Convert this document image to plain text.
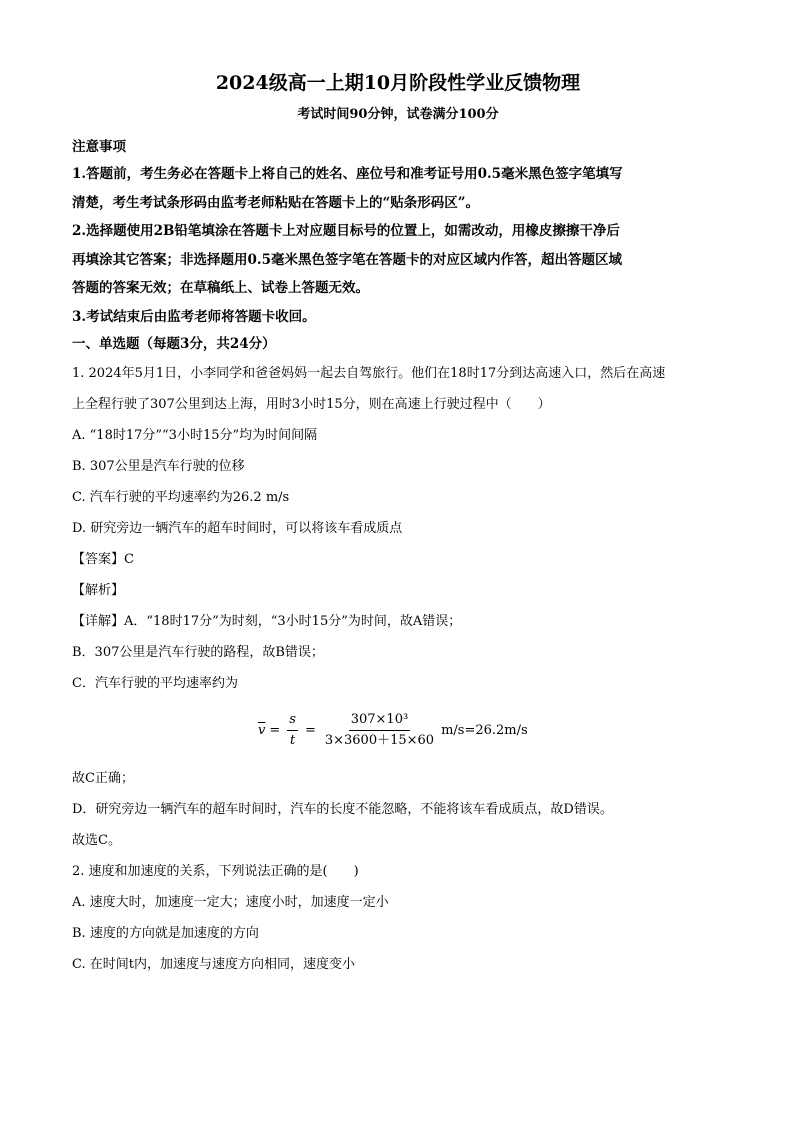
2024级高一上期10月阶段性学业反馈物理
考试时间90分钟，试卷满分100分
注意事项
1.答题前，考生务必在答题卡上将自己的姓名、座位号和准考证号用0.5毫米黑色签字笔填写
清楚，考生考试条形码由监考老师粘贴在答题卡上的“贴条形码区”。
2.选择题使用2B铅笔填涂在答题卡上对应题目标号的位置上，如需改动，用橡皮擦擦干净后
再填涂其它答案；非选择题用0.5毫米黑色签字笔在答题卡的对应区域内作答，超出答题区域
答题的答案无效；在草稿纸上、试卷上答题无效。
3.考试结束后由监考老师将答题卡收回。
一、单选题（每题3分，共24分）
1. 2024年5月1日，小李同学和爸爸妈妈一起去自驾旅行。他们在18时17分到达高速入口，然后在高速
上全程行驶了307公里到达上海，用时3小时15分，则在高速上行驶过程中（　　）
A. “18时17分”“3小时15分”均为时间间隔
B. 307公里是汽车行驶的位移
C. 汽车行驶的平均速率约为26.2 m/s
D. 研究旁边一辆汽车的超车时间时，可以将该车看成质点
【答案】C
【解析】
【详解】A．“18时17分”为时刻，“3小时15分”为时间，故A错误；
B．307公里是汽车行驶的路程，故B错误；
C．汽车行驶的平均速率约为
$\overline{v} = \frac{s}{t} = \frac{\text{307×10³}}{3\times 3600+15\times 60} m/s=26.2m/s$
故C正确；
D．研究旁边一辆汽车的超车时间时，汽车的长度不能忽略，不能将该车看成质点，故D错误。
故选C。
2. 速度和加速度的关系，下列说法正确的是(　　)
A. 速度大时，加速度一定大；速度小时，加速度一定小
B. 速度的方向就是加速度的方向
C. 在时间t内，加速度与速度方向相同，速度变小
